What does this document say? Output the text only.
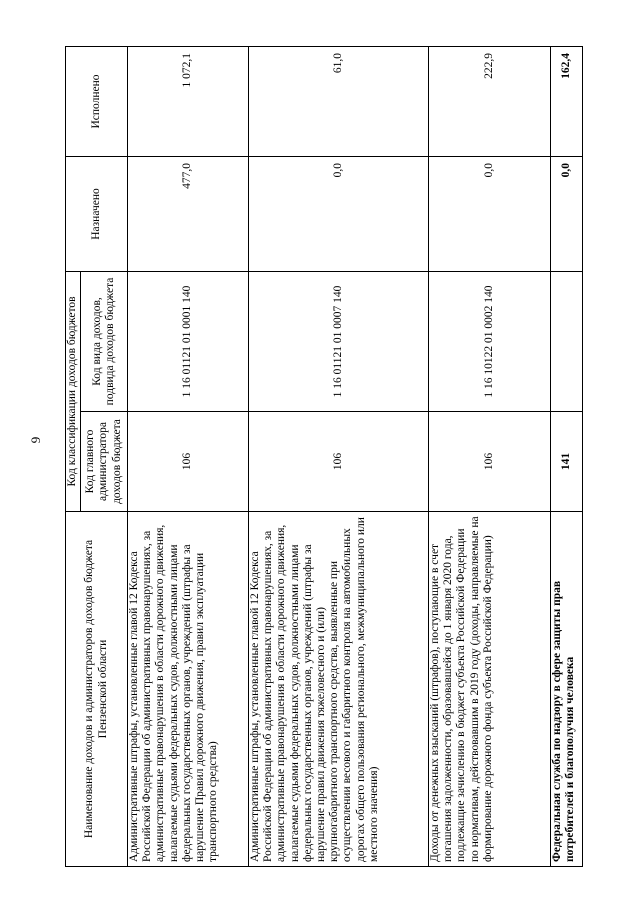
9
Наименование доходов и администраторов доходов бюджета Пензенской области	Код классификации доходов бюджетов		Назначено	Исполнено
	Код главного администратора доходов бюджета	Код вида доходов, подвида доходов бюджета		
Административные штрафы, установленные главой 12 Кодекса Российской Федерации об административных правонарушениях, за административные правонарушения в области дорожного движения, налагаемые судьями федеральных судов, должностными лицами федеральных государственных органов, учреждений (штрафы за нарушение Правил дорожного движения, правил эксплуатации транспортного средства)	106	1 16 01121 01 0001 140	477,0	1 072,1
Административные штрафы, установленные главой 12 Кодекса Российской Федерации об административных правонарушениях, за административные правонарушения в области дорожного движения, налагаемые судьями федеральных судов, должностными лицами федеральных государственных органов, учреждений (штрафы за нарушение правил движения тяжеловесного и (или) крупногабаритного транспортного средства, выявленные при осуществлении весового и габаритного контроля на автомобильных дорогах общего пользования регионального, межмуниципального или местного значения)	106	1 16 01121 01 0007 140	0,0	61,0
Доходы от денежных взысканий (штрафов), поступающие в счет погашения задолженности, образовавшейся до 1 января 2020 года, подлежащие зачислению в бюджет субъекта Российской Федерации по нормативам, действовавшим в 2019 году (доходы, направляемые на формирование дорожного фонда субъекта Российской Федерации)	106	1 16 10122 01 0002 140	0,0	222,9
Федеральная служба по надзору в сфере защиты прав потребителей и благополучия человека	141		0,0	162,4
